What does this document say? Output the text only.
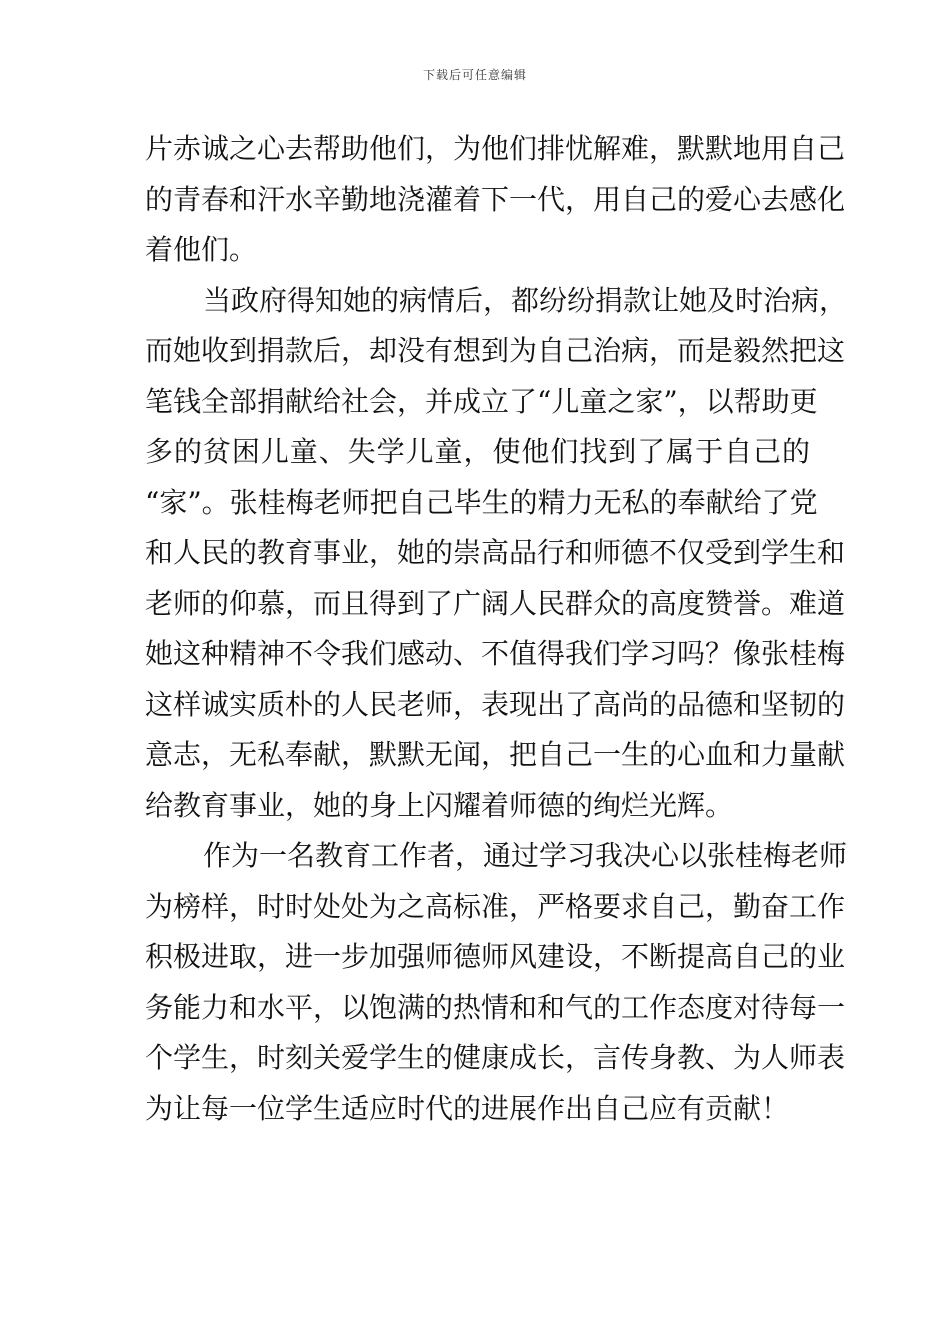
下载后可任意编辑
片赤诚之心去帮助他们，为他们排忧解难，默默地用自己
的青春和汗水辛勤地浇灌着下一代，用自己的爱心去感化
着他们。
当政府得知她的病情后，都纷纷捐款让她及时治病，
而她收到捐款后，却没有想到为自己治病，而是毅然把这
笔钱全部捐献给社会，并成立了“儿童之家”，以帮助更
多的贫困儿童、失学儿童，使他们找到了属于自己的
“家”。张桂梅老师把自己毕生的精力无私的奉献给了党
和人民的教育事业，她的崇高品行和师德不仅受到学生和
老师的仰慕，而且得到了广阔人民群众的高度赞誉。难道
她这种精神不令我们感动、不值得我们学习吗？像张桂梅
这样诚实质朴的人民老师，表现出了高尚的品德和坚韧的
意志，无私奉献，默默无闻，把自己一生的心血和力量献
给教育事业，她的身上闪耀着师德的绚烂光辉。
作为一名教育工作者，通过学习我决心以张桂梅老师
为榜样，时时处处为之高标准，严格要求自己，勤奋工作
积极进取，进一步加强师德师风建设，不断提高自己的业
务能力和水平，以饱满的热情和和气的工作态度对待每一
个学生，时刻关爱学生的健康成长，言传身教、为人师表
为让每一位学生适应时代的进展作出自己应有贡献！
